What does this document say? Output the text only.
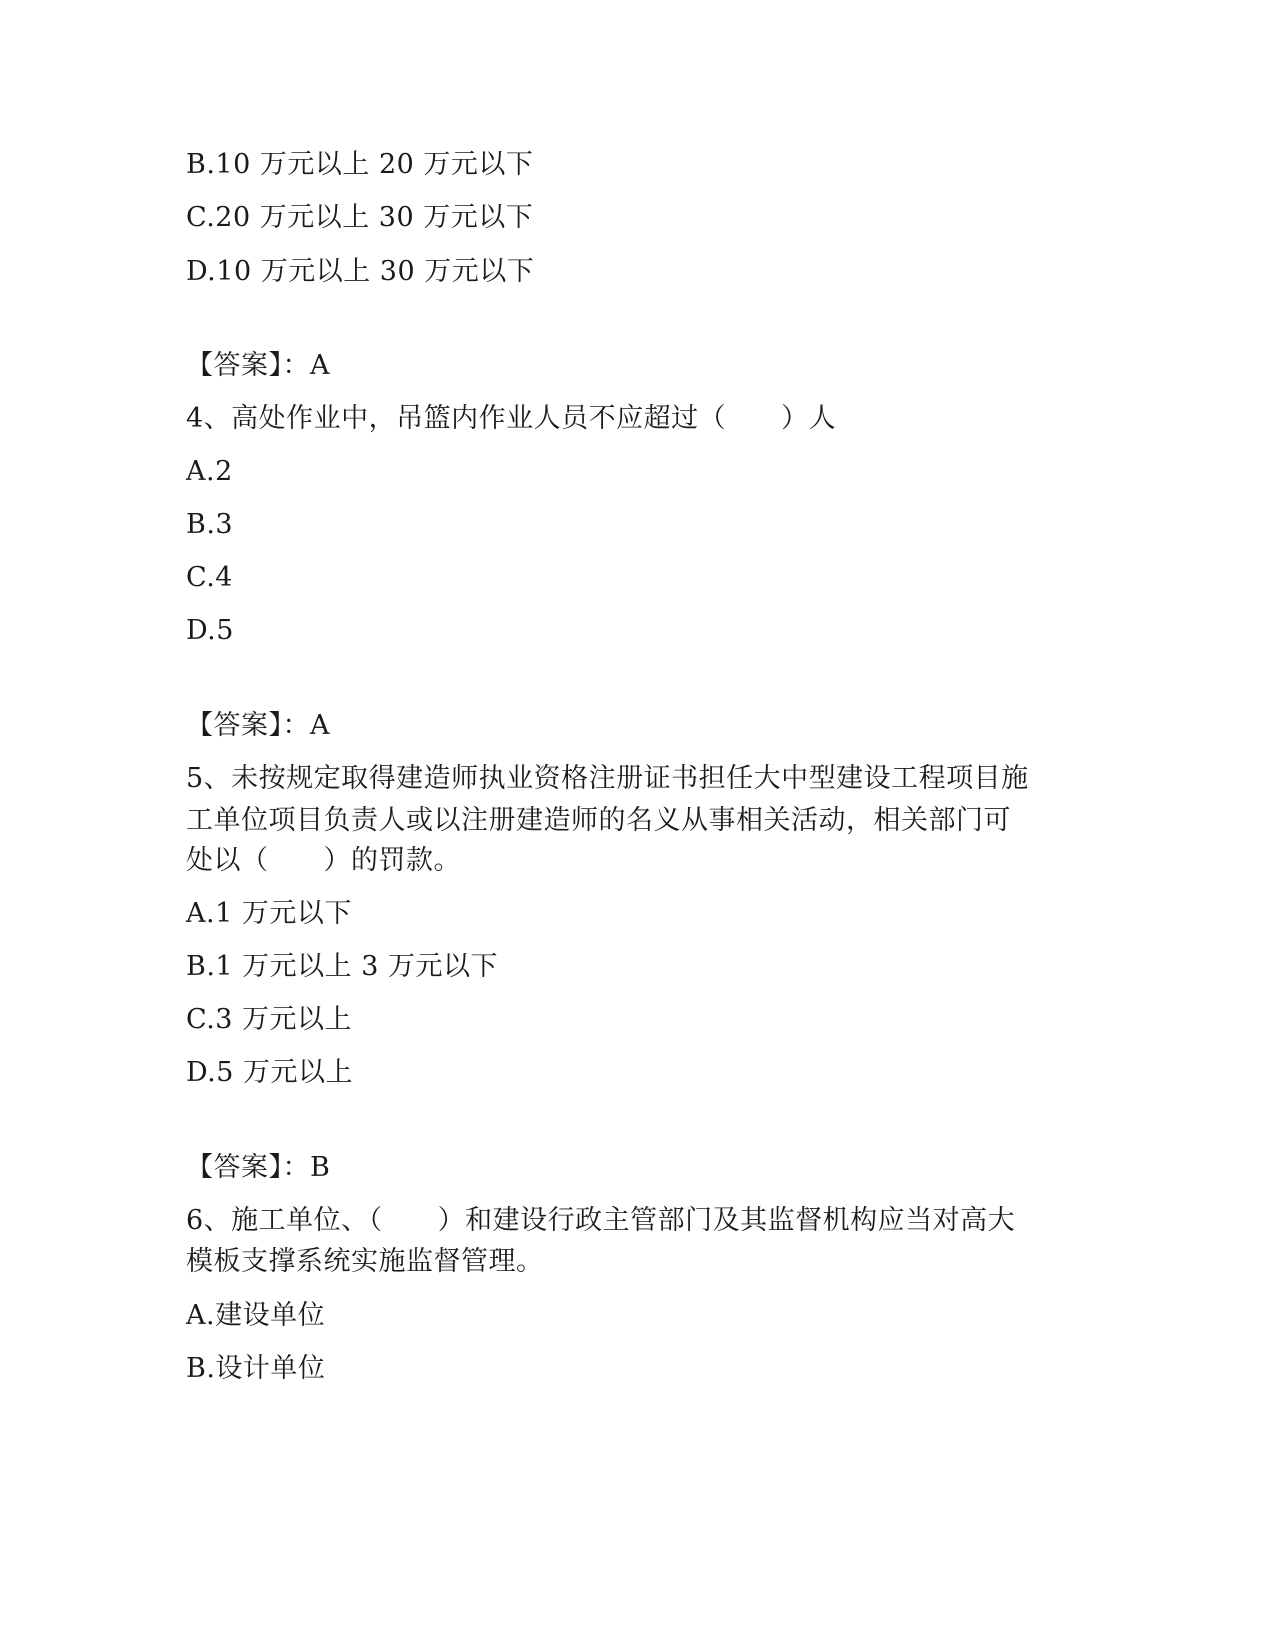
B.10 万元以上 20 万元以下
C.20 万元以上 30 万元以下
D.10 万元以上 30 万元以下
【答案】：A
4、高处作业中，吊篮内作业人员不应超过（　　）人
A.2
B.3
C.4
D.5
【答案】：A
5、未按规定取得建造师执业资格注册证书担任大中型建设工程项目施
工单位项目负责人或以注册建造师的名义从事相关活动，相关部门可
处以（　　）的罚款。
A.1 万元以下
B.1 万元以上 3 万元以下
C.3 万元以上
D.5 万元以上
【答案】：B
6、施工单位、（　　）和建设行政主管部门及其监督机构应当对高大
模板支撑系统实施监督管理。
A.建设单位
B.设计单位
